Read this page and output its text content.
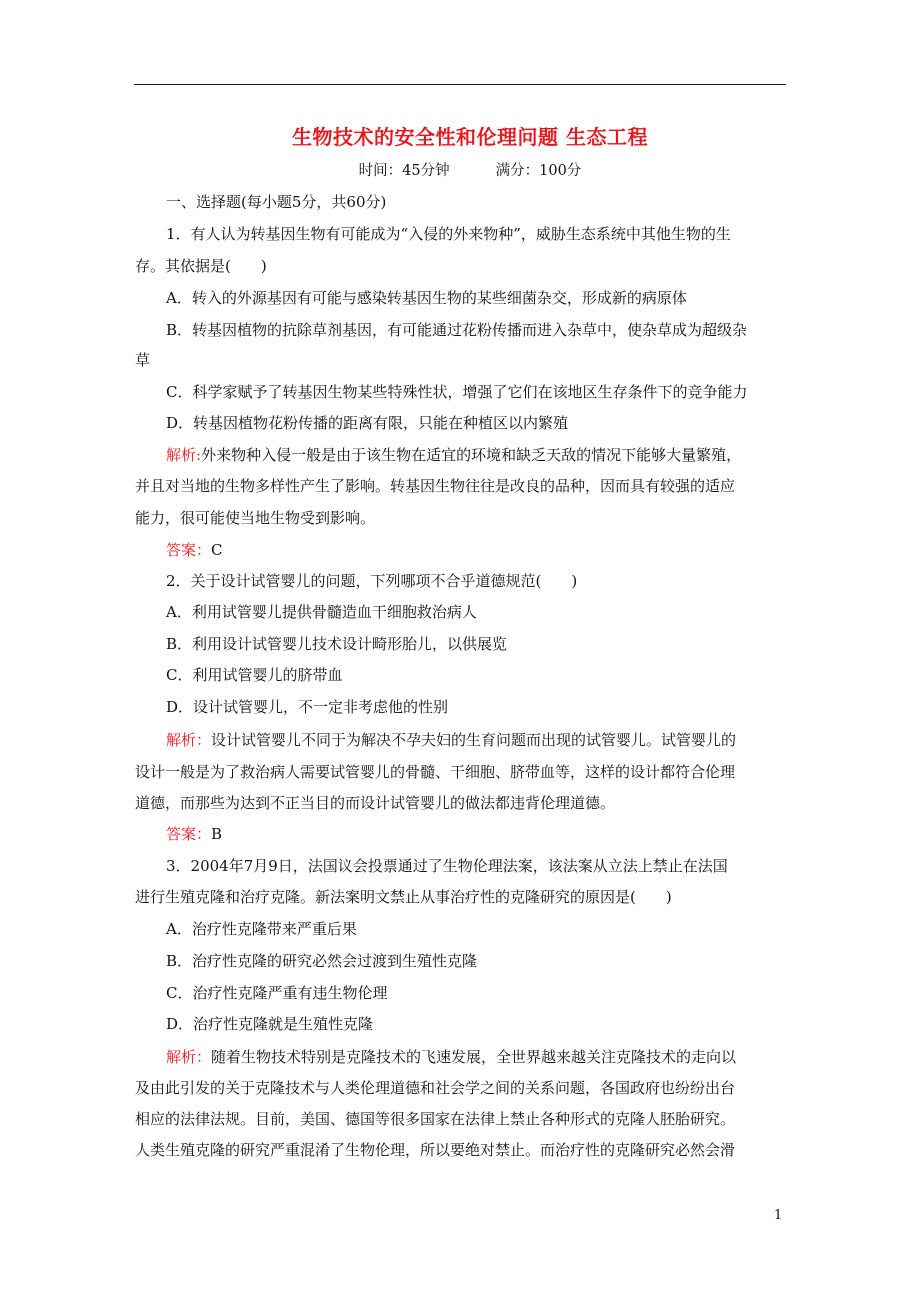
生物技术的安全性和伦理问题 生态工程
时间：45分钟	满分：100分
一、选择题(每小题5分，共60分)
1．有人认为转基因生物有可能成为“入侵的外来物种”，威胁生态系统中其他生物的生
存。其依据是(　　)
A．转入的外源基因有可能与感染转基因生物的某些细菌杂交，形成新的病原体
B．转基因植物的抗除草剂基因，有可能通过花粉传播而进入杂草中，使杂草成为超级杂
草
C．科学家赋予了转基因生物某些特殊性状，增强了它们在该地区生存条件下的竞争能力
D．转基因植物花粉传播的距离有限，只能在种植区以内繁殖
解析:外来物种入侵一般是由于该生物在适宜的环境和缺乏天敌的情况下能够大量繁殖，
并且对当地的生物多样性产生了影响。转基因生物往往是改良的品种，因而具有较强的适应
能力，很可能使当地生物受到影响。
答案：C
2．关于设计试管婴儿的问题，下列哪项不合乎道德规范(　　)
A．利用试管婴儿提供骨髓造血干细胞救治病人
B．利用设计试管婴儿技术设计畸形胎儿，以供展览
C．利用试管婴儿的脐带血
D．设计试管婴儿，不一定非考虑他的性别
解析：设计试管婴儿不同于为解决不孕夫妇的生育问题而出现的试管婴儿。试管婴儿的
设计一般是为了救治病人需要试管婴儿的骨髓、干细胞、脐带血等，这样的设计都符合伦理
道德，而那些为达到不正当目的而设计试管婴儿的做法都违背伦理道德。
答案：B
3．2004年7月9日，法国议会投票通过了生物伦理法案，该法案从立法上禁止在法国
进行生殖克隆和治疗克隆。新法案明文禁止从事治疗性的克隆研究的原因是(　　)
A．治疗性克隆带来严重后果
B．治疗性克隆的研究必然会过渡到生殖性克隆
C．治疗性克隆严重有违生物伦理
D．治疗性克隆就是生殖性克隆
解析：随着生物技术特别是克隆技术的飞速发展，全世界越来越关注克隆技术的走向以
及由此引发的关于克隆技术与人类伦理道德和社会学之间的关系问题，各国政府也纷纷出台
相应的法律法规。目前，美国、德国等很多国家在法律上禁止各种形式的克隆人胚胎研究。
人类生殖克隆的研究严重混淆了生物伦理，所以要绝对禁止。而治疗性的克隆研究必然会滑
1
